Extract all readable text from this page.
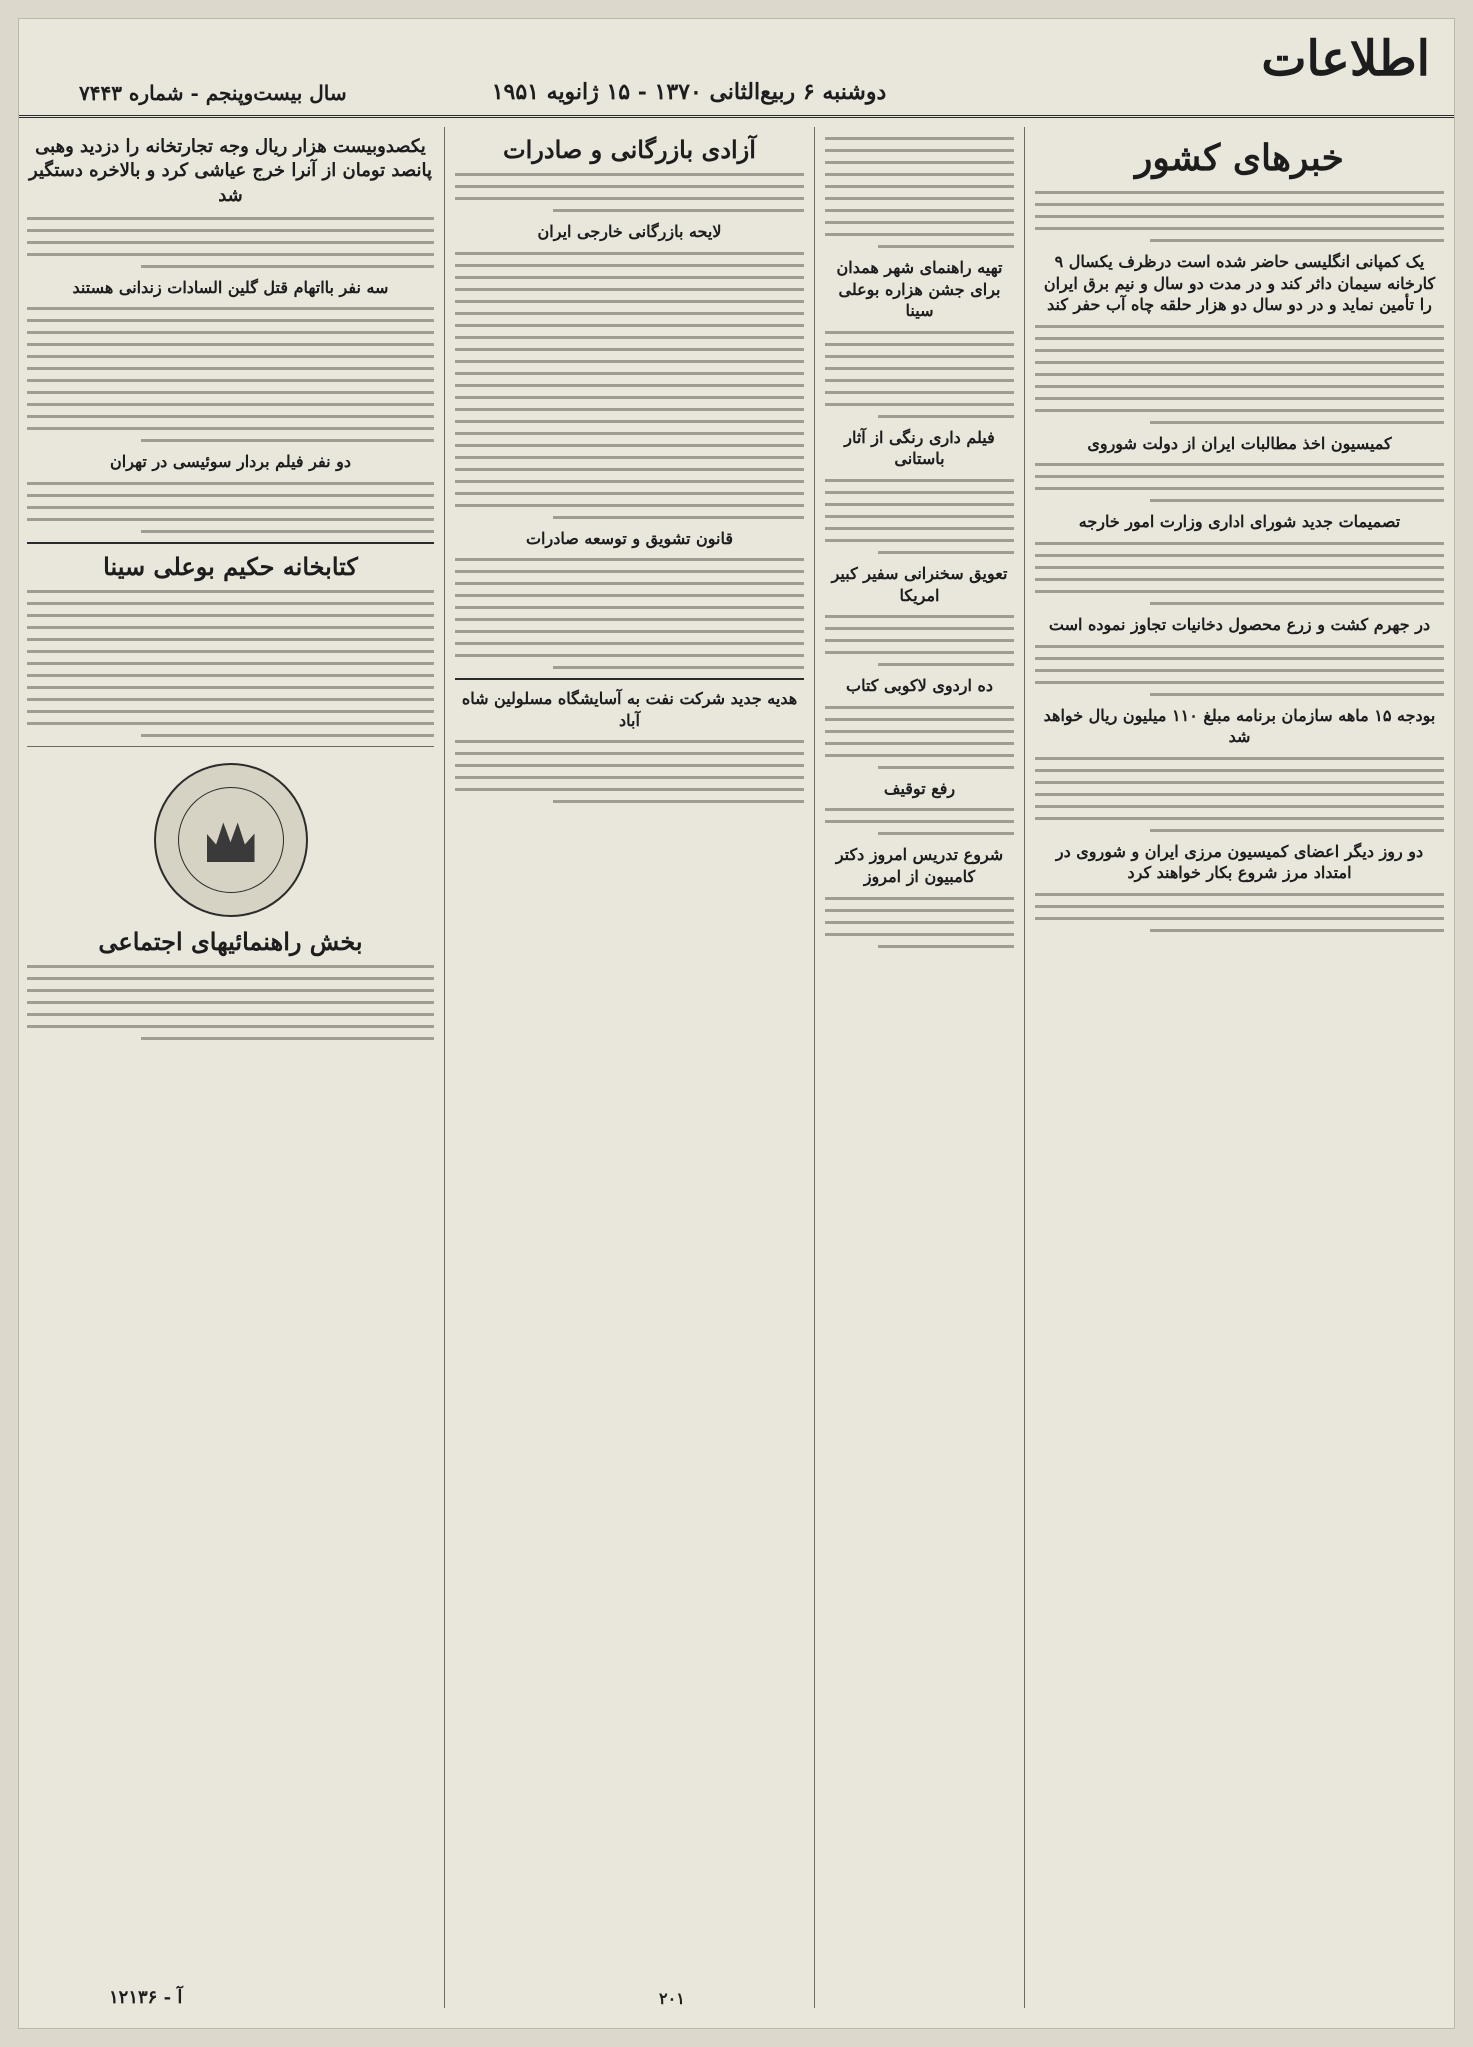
اطلاعات
دوشنبه ۶ ربیع‌الثانی ۱۳۷۰ - ۱۵ ژانویه ۱۹۵۱
سال بیست‌وپنجم - شماره ۷۴۴۳
خبرهای کشور
یک کمپانی انگلیسی حاضر شده است درظرف یکسال ۹ کارخانه سیمان داثر کند و در مدت دو سال و نیم برق ایران را تأمین نماید و در دو سال دو هزار حلقه چاه آب حفر کند
کمیسیون اخذ مطالبات ایران از دولت شوروی
تصمیمات جدید شورای اداری وزارت امور خارجه
در جهرم کشت و زرع محصول دخانیات تجاوز نموده است
بودجه ۱۵ ماهه سازمان برنامه مبلغ ۱۱۰ میلیون ریال خواهد شد
دو روز دیگر اعضای کمیسیون مرزی ایران و شوروی در امتداد مرز شروع بکار خواهند کرد
تهیه راهنمای شهر همدان برای جشن هزاره بوعلی سینا
فیلم داری رنگی از آثار باستانی
تعویق سخنرانی سفیر کبیر امریکا
ده اردوی لاکوبی کتاب
رفع توقیف
شروع تدریس امروز دکتر کامبیون از امروز
آزادی بازرگانی و صادرات
لایحه بازرگانی خارجی ایران
قانون تشویق و توسعه صادرات
هدیه جدید شرکت نفت به آسایشگاه مسلولین شاه آباد
یکصدوبیست هزار ریال وجه تجارتخانه را دزدید وهبی پانصد تومان از آنرا خرج عیاشی کرد و بالاخره دستگیر شد
سه نفر بااتهام قتل گلین السادات زندانی هستند
دو نفر فیلم بردار سوئیسی در تهران
کتابخانه حکیم بوعلی سینا
بخش راهنمائیهای اجتماعی
آ - ۱۲۱۳۶	۲۰۱
